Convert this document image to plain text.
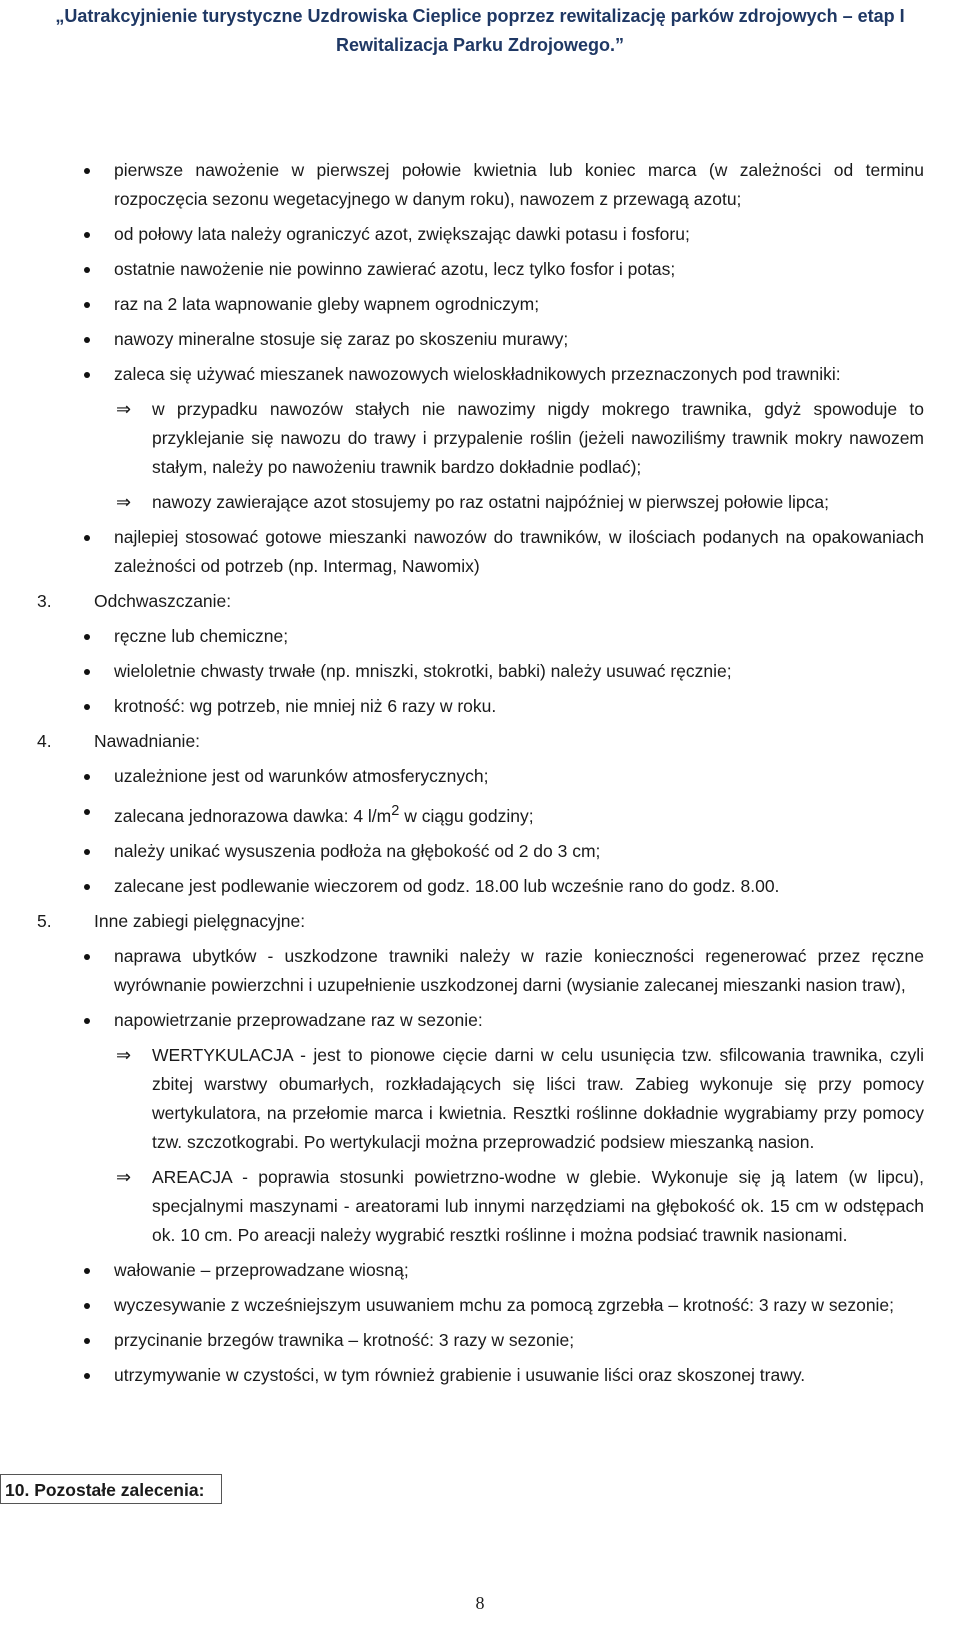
„Uatrakcyjnienie turystyczne Uzdrowiska Cieplice poprzez rewitalizację parków zdrojowych – etap I
Rewitalizacja Parku Zdrojowego.”
pierwsze nawożenie w pierwszej połowie kwietnia lub koniec marca (w zależności od terminu rozpoczęcia sezonu wegetacyjnego w danym roku), nawozem z przewagą azotu;
od połowy lata należy ograniczyć azot, zwiększając dawki potasu i fosforu;
ostatnie nawożenie nie powinno zawierać azotu, lecz tylko fosfor i potas;
raz na 2 lata wapnowanie gleby wapnem ogrodniczym;
nawozy mineralne stosuje się zaraz po skoszeniu murawy;
zaleca się używać mieszanek nawozowych wieloskładnikowych przeznaczonych pod trawniki:
⇒ w przypadku nawozów stałych nie nawozimy nigdy mokrego trawnika, gdyż spowoduje to przyklejanie się nawozu do trawy i przypalenie roślin (jeżeli nawoziliśmy trawnik mokry nawozem stałym, należy po nawożeniu trawnik bardzo dokładnie podlać);
⇒ nawozy zawierające azot stosujemy po raz ostatni najpóźniej w pierwszej połowie lipca;
najlepiej stosować gotowe mieszanki nawozów do trawników, w ilościach podanych na opakowaniach zależności od potrzeb (np. Intermag, Nawomix)
3. Odchwaszczanie:
ręczne lub chemiczne;
wieloletnie chwasty trwałe (np. mniszki, stokrotki, babki) należy usuwać ręcznie;
krotność: wg potrzeb, nie mniej niż 6 razy w roku.
4. Nawadnianie:
uzależnione jest od warunków atmosferycznych;
zalecana jednorazowa dawka: 4 $l/m^2$ w ciągu godziny;
należy unikać wysuszenia podłoża na głębokość od 2 do 3 cm;
zalecane jest podlewanie wieczorem od godz. 18.00 lub wcześnie rano do godz. 8.00.
5. Inne zabiegi pielęgnacyjne:
naprawa ubytków - uszkodzone trawniki należy w razie konieczności regenerować przez ręczne wyrównanie powierzchni i uzupełnienie uszkodzonej darni (wysianie zalecanej mieszanki nasion traw),
napowietrzanie przeprowadzane raz w sezonie:
⇒ WERTYKULACJA - jest to pionowe cięcie darni w celu usunięcia tzw. sfilcowania trawnika, czyli zbitej warstwy obumarłych, rozkładających się liści traw. Zabieg wykonuje się przy pomocy wertykulatora, na przełomie marca i kwietnia. Resztki roślinne dokładnie wygrabiamy przy pomocy tzw. szczotkograbi. Po wertykulacji można przeprowadzić podsiew mieszanką nasion.
⇒ AREACJA - poprawia stosunki powietrzno-wodne w glebie. Wykonuje się ją latem (w lipcu), specjalnymi maszynami - areatorami lub innymi narzędziami na głębokość ok. 15 cm w odstępach ok. 10 cm. Po areacji należy wygrabić resztki roślinne i można podsiać trawnik nasionami.
wałowanie – przeprowadzane wiosną;
wyczesywanie z wcześniejszym usuwaniem mchu za pomocą zgrzebła – krotność: 3 razy w sezonie;
przycinanie brzegów trawnika – krotność: 3 razy w sezonie;
utrzymywanie w czystości, w tym również grabienie i usuwanie liści oraz skoszonej trawy.
10. Pozostałe zalecenia:
8
